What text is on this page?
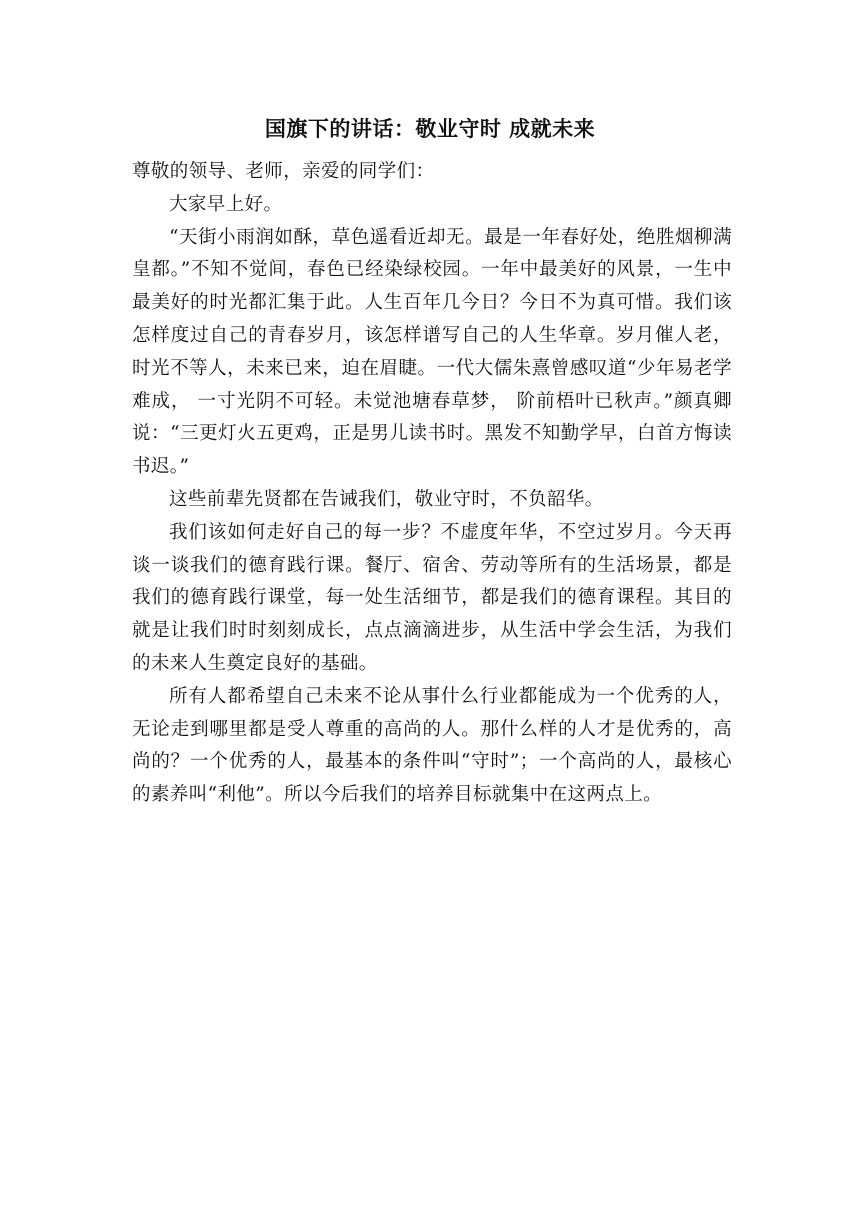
国旗下的讲话：敬业守时 成就未来

尊敬的领导、老师，亲爱的同学们：

大家早上好。

“天街小雨润如酥，草色遥看近却无。最是一年春好处，绝胜烟柳满皇都。”不知不觉间，春色已经染绿校园。一年中最美好的风景，一生中最美好的时光都汇集于此。人生百年几今日？今日不为真可惜。我们该怎样度过自己的青春岁月，该怎样谱写自己的人生华章。岁月催人老，时光不等人，未来已来，迫在眉睫。一代大儒朱熹曾感叹道“少年易老学难成， 一寸光阴不可轻。未觉池塘春草梦， 阶前梧叶已秋声。”颜真卿说：“三更灯火五更鸡，正是男儿读书时。黑发不知勤学早，白首方悔读书迟。”

这些前辈先贤都在告诫我们，敬业守时，不负韶华。

我们该如何走好自己的每一步？不虚度年华，不空过岁月。今天再谈一谈我们的德育践行课。餐厅、宿舍、劳动等所有的生活场景，都是我们的德育践行课堂，每一处生活细节，都是我们的德育课程。其目的就是让我们时时刻刻成长，点点滴滴进步，从生活中学会生活，为我们的未来人生奠定良好的基础。

所有人都希望自己未来不论从事什么行业都能成为一个优秀的人，无论走到哪里都是受人尊重的高尚的人。那什么样的人才是优秀的，高尚的？一个优秀的人，最基本的条件叫“守时”；一个高尚的人，最核心的素养叫“利他”。所以今后我们的培养目标就集中在这两点上。
